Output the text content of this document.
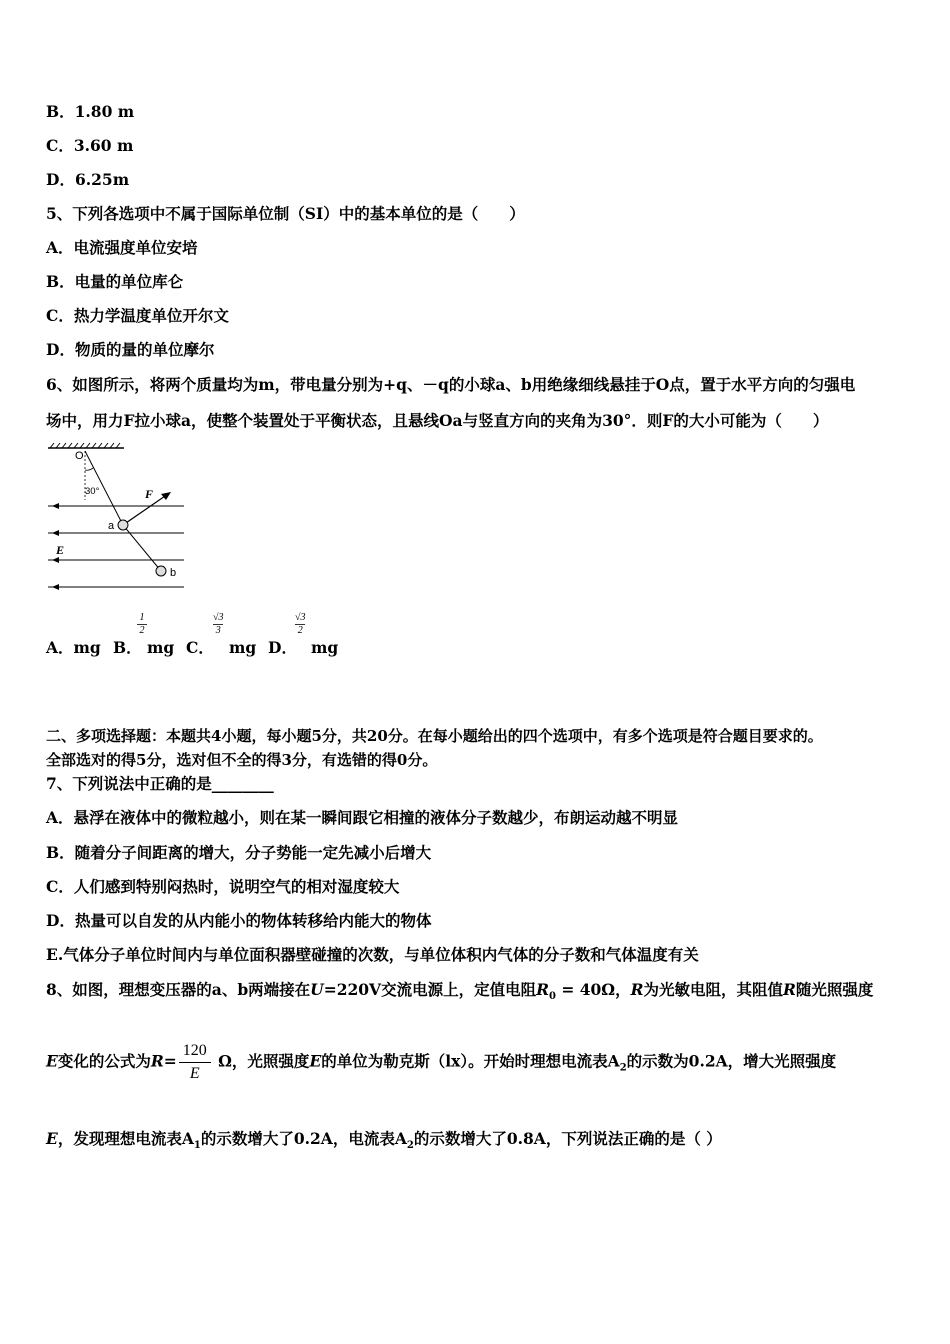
B．1.80 m
C．3.60 m
D．6.25m
5、下列各选项中不属于国际单位制（SI）中的基本单位的是（　　）
A．电流强度单位安培
B．电量的单位库仑
C．热力学温度单位开尔文
D．物质的量的单位摩尔
6、如图所示，将两个质量均为m，带电量分别为+q、－q的小球a、b用绝缘细线悬挂于O点，置于水平方向的匀强电
场中，用力F拉小球a，使整个装置处于平衡状态，且悬线Oa与竖直方向的夹角为30°．则F的大小可能为（　　）
O
30°	F
a
b
E
A．mg B．
1
2
mg C．
√3
3
mg D．
√3
2
mg
二、多项选择题：本题共4小题，每小题5分，共20分。在每小题给出的四个选项中，有多个选项是符合题目要求的。
全部选对的得5分，选对但不全的得3分，有选错的得0分。
7、下列说法中正确的是________
A．悬浮在液体中的微粒越小，则在某一瞬间跟它相撞的液体分子数越少，布朗运动越不明显
B．随着分子间距离的增大，分子势能一定先减小后增大
C．人们感到特别闷热时，说明空气的相对湿度较大
D．热量可以自发的从内能小的物体转移给内能大的物体
E.气体分子单位时间内与单位面积器壁碰撞的次数，与单位体积内气体的分子数和气体温度有关
8、如图，理想变压器的a、b两端接在U=220V交流电源上，定值电阻$R_0 = 40\Omega$，R为光敏电阻，其阻值R随光照强度
E变化的公式为$R= \frac{120}{E}$ Ω，光照强度E的单位为勒克斯（lx）。开始时理想电流表$A_2$的示数为0.2A，增大光照强度
E，发现理想电流表$A_1$的示数增大了0.2A，电流表$A_2$的示数增大了0.8A，下列说法正确的是（ ）
